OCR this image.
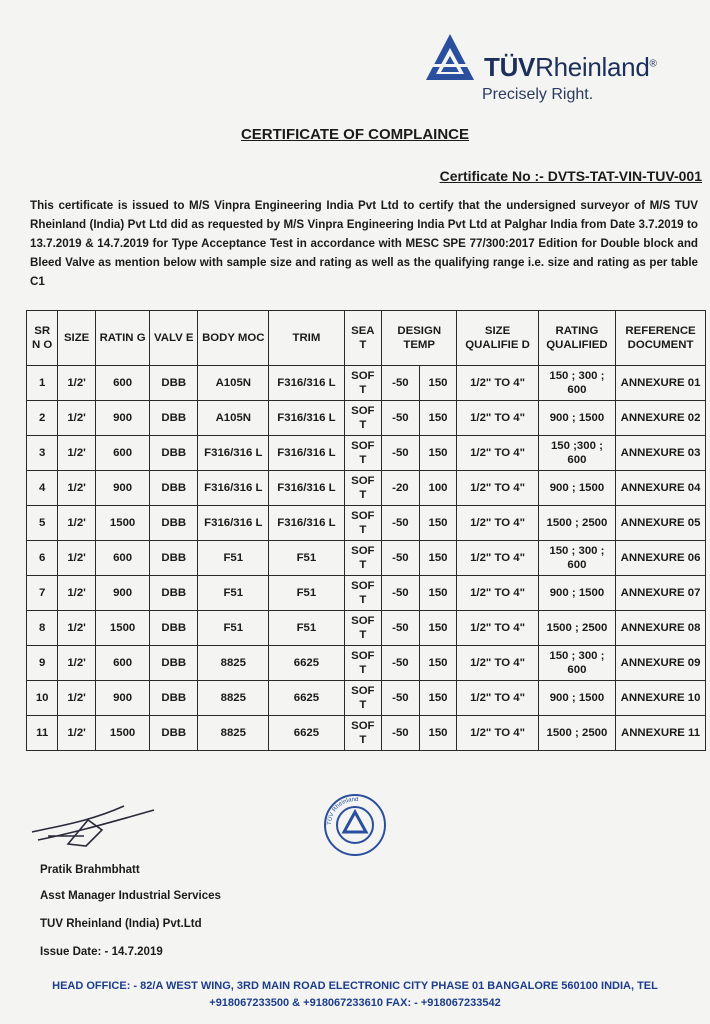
TÜVRheinland®
Precisely Right.
CERTIFICATE OF COMPLAINCE
Certificate No :- DVTS-TAT-VIN-TUV-001
This certificate is issued to M/S Vinpra Engineering India Pvt Ltd to certify that the undersigned surveyor of M/S TUV Rheinland (India) Pvt Ltd did as requested by M/S Vinpra Engineering India Pvt Ltd at Palghar India from Date 3.7.2019 to 13.7.2019 & 14.7.2019 for Type Acceptance Test in accordance with MESC SPE 77/300:2017 Edition for Double block and Bleed Valve as mention below with sample size and rating as well as the qualifying range i.e. size and rating as per table C1
SR N O	SIZE	RATIN G	VALV E	BODY MOC	TRIM	SEA T	DESIGN TEMP		SIZE QUALIFIE D	RATING QUALIFIED	REFERENCE DOCUMENT
1	1/2'	600	DBB	A105N	F316/316 L	SOF T	-50	150	1/2" TO 4"	150 ; 300 ; 600	ANNEXURE 01
2	1/2'	900	DBB	A105N	F316/316 L	SOF T	-50	150	1/2" TO 4"	900 ; 1500	ANNEXURE 02
3	1/2'	600	DBB	F316/316 L	F316/316 L	SOF T	-50	150	1/2" TO 4"	150 ;300 ; 600	ANNEXURE 03
4	1/2'	900	DBB	F316/316 L	F316/316 L	SOF T	-20	100	1/2" TO 4"	900 ; 1500	ANNEXURE 04
5	1/2'	1500	DBB	F316/316 L	F316/316 L	SOF T	-50	150	1/2" TO 4"	1500 ; 2500	ANNEXURE 05
6	1/2'	600	DBB	F51	F51	SOF T	-50	150	1/2" TO 4"	150 ; 300 ; 600	ANNEXURE 06
7	1/2'	900	DBB	F51	F51	SOF T	-50	150	1/2" TO 4"	900 ; 1500	ANNEXURE 07
8	1/2'	1500	DBB	F51	F51	SOF T	-50	150	1/2" TO 4"	1500 ; 2500	ANNEXURE 08
9	1/2'	600	DBB	8825	6625	SOF T	-50	150	1/2" TO 4"	150 ; 300 ; 600	ANNEXURE 09
10	1/2'	900	DBB	8825	6625	SOF T	-50	150	1/2" TO 4"	900 ; 1500	ANNEXURE 10
11	1/2'	1500	DBB	8825	6625	SOF T	-50	150	1/2" TO 4"	1500 ; 2500	ANNEXURE 11
TÜV Rheinland
Pratik Brahmbhatt
Asst Manager Industrial Services
TUV Rheinland (India) Pvt.Ltd
Issue Date: - 14.7.2019
HEAD OFFICE: - 82/A WEST WING, 3RD MAIN ROAD ELECTRONIC CITY PHASE 01 BANGALORE 560100 INDIA, TEL
+918067233500 & +918067233610 FAX: - +918067233542
